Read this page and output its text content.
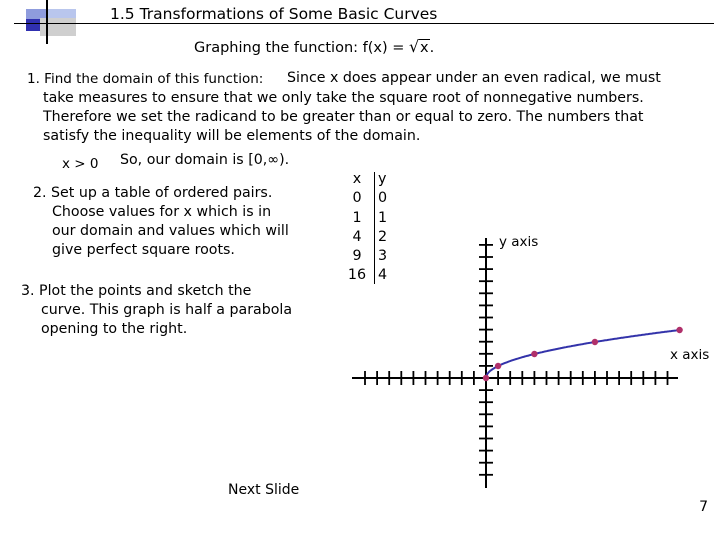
1.5 Transformations of Some Basic Curves
Graphing the function: f(x) = √ x.
1. Find the domain of this function: Since x does appear under an even radical, we must
take measures to ensure that we only take the square root of nonnegative numbers.
Therefore we set the radicand to be greater than or equal to zero. The numbers that
satisfy the inequality will be elements of the domain.
x > 0 So, our domain is [0,∞).
2. Set up a table of ordered pairs.
Choose values for x which is in
our domain and values which will
give perfect square roots.
3. Plot the points and sketch the
curve. This graph is half a parabola
opening to the right.
x
0
1
4
9
16
y
0
1
2
3
4
y axis
x axis
Next Slide
7
